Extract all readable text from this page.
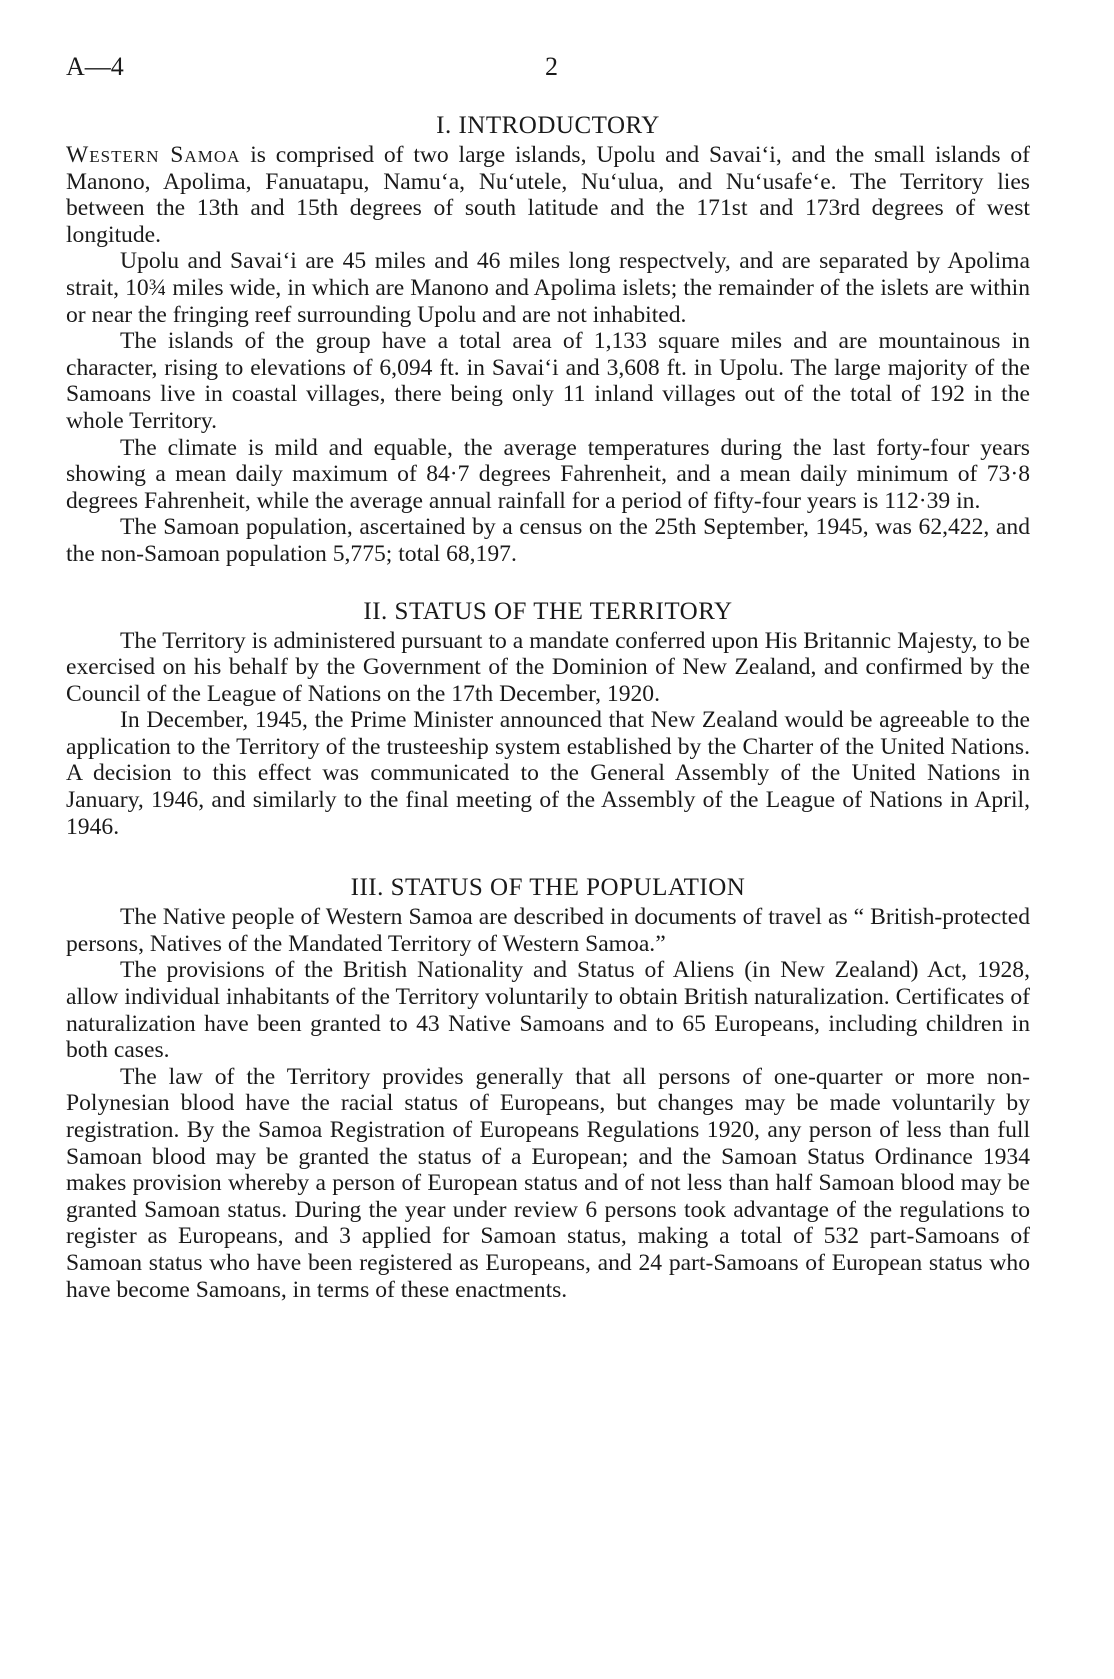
A—4	2
I. INTRODUCTORY

Western Samoa is comprised of two large islands, Upolu and Savai‘i, and the small islands of Manono, Apolima, Fanuatapu, Namu‘a, Nu‘utele, Nu‘ulua, and Nu‘usafe‘e. The Territory lies between the 13th and 15th degrees of south latitude and the 171st and 173rd degrees of west longitude.

Upolu and Savai‘i are 45 miles and 46 miles long respectvely, and are separated by Apolima strait, 10¾ miles wide, in which are Manono and Apolima islets; the remainder of the islets are within or near the fringing reef surrounding Upolu and are not inhabited.

The islands of the group have a total area of 1,133 square miles and are mountainous in character, rising to elevations of 6,094 ft. in Savai‘i and 3,608 ft. in Upolu. The large majority of the Samoans live in coastal villages, there being only 11 inland villages out of the total of 192 in the whole Territory.

The climate is mild and equable, the average temperatures during the last forty-four years showing a mean daily maximum of 84·7 degrees Fahrenheit, and a mean daily minimum of 73·8 degrees Fahrenheit, while the average annual rainfall for a period of fifty-four years is 112·39 in.

The Samoan population, ascertained by a census on the 25th September, 1945, was 62,422, and the non-Samoan population 5,775; total 68,197.

II. STATUS OF THE TERRITORY

The Territory is administered pursuant to a mandate conferred upon His Britannic Majesty, to be exercised on his behalf by the Government of the Dominion of New Zealand, and confirmed by the Council of the League of Nations on the 17th December, 1920.

In December, 1945, the Prime Minister announced that New Zealand would be agreeable to the application to the Territory of the trusteeship system established by the Charter of the United Nations. A decision to this effect was communicated to the General Assembly of the United Nations in January, 1946, and similarly to the final meeting of the Assembly of the League of Nations in April, 1946.

III. STATUS OF THE POPULATION

The Native people of Western Samoa are described in documents of travel as “ British-protected persons, Natives of the Mandated Territory of Western Samoa.”

The provisions of the British Nationality and Status of Aliens (in New Zealand) Act, 1928, allow individual inhabitants of the Territory voluntarily to obtain British naturalization. Certificates of naturalization have been granted to 43 Native Samoans and to 65 Europeans, including children in both cases.

The law of the Territory provides generally that all persons of one-quarter or more non-Polynesian blood have the racial status of Europeans, but changes may be made voluntarily by registration. By the Samoa Registration of Europeans Regulations 1920, any person of less than full Samoan blood may be granted the status of a European; and the Samoan Status Ordinance 1934 makes provision whereby a person of European status and of not less than half Samoan blood may be granted Samoan status. During the year under review 6 persons took advantage of the regulations to register as Europeans, and 3 applied for Samoan status, making a total of 532 part-Samoans of Samoan status who have been registered as Europeans, and 24 part-Samoans of European status who have become Samoans, in terms of these enactments.
